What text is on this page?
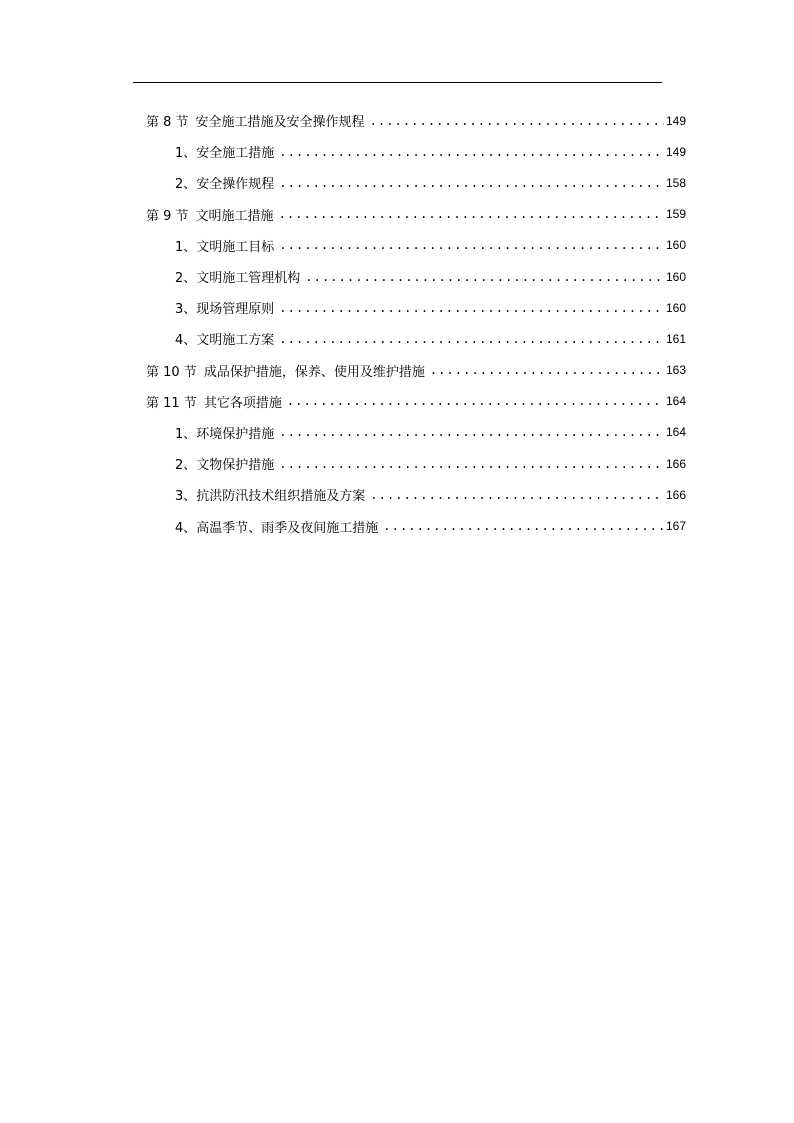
第 8 节 安全施工措施及安全操作规程 .....	149
1、 安全施工措施 .....	149
2、 安全操作规程 .....	158
第 9 节 文明施工措施 .....	159
1、 文明施工目标 .....	160
2、 文明施工管理机构 .....	160
3、 现场管理原则 .....	160
4、 文明施工方案 .....	161
第 10 节 成品保护措施，保养、使用及维护措施 .....	163
第 11 节 其它各项措施 .....	164
1、 环境保护措施 .....	164
2、 文物保护措施 .....	166
3、 抗洪防汛技术组织措施及方案 .....	166
4、 高温季节、雨季及夜间施工措施 .....	167
